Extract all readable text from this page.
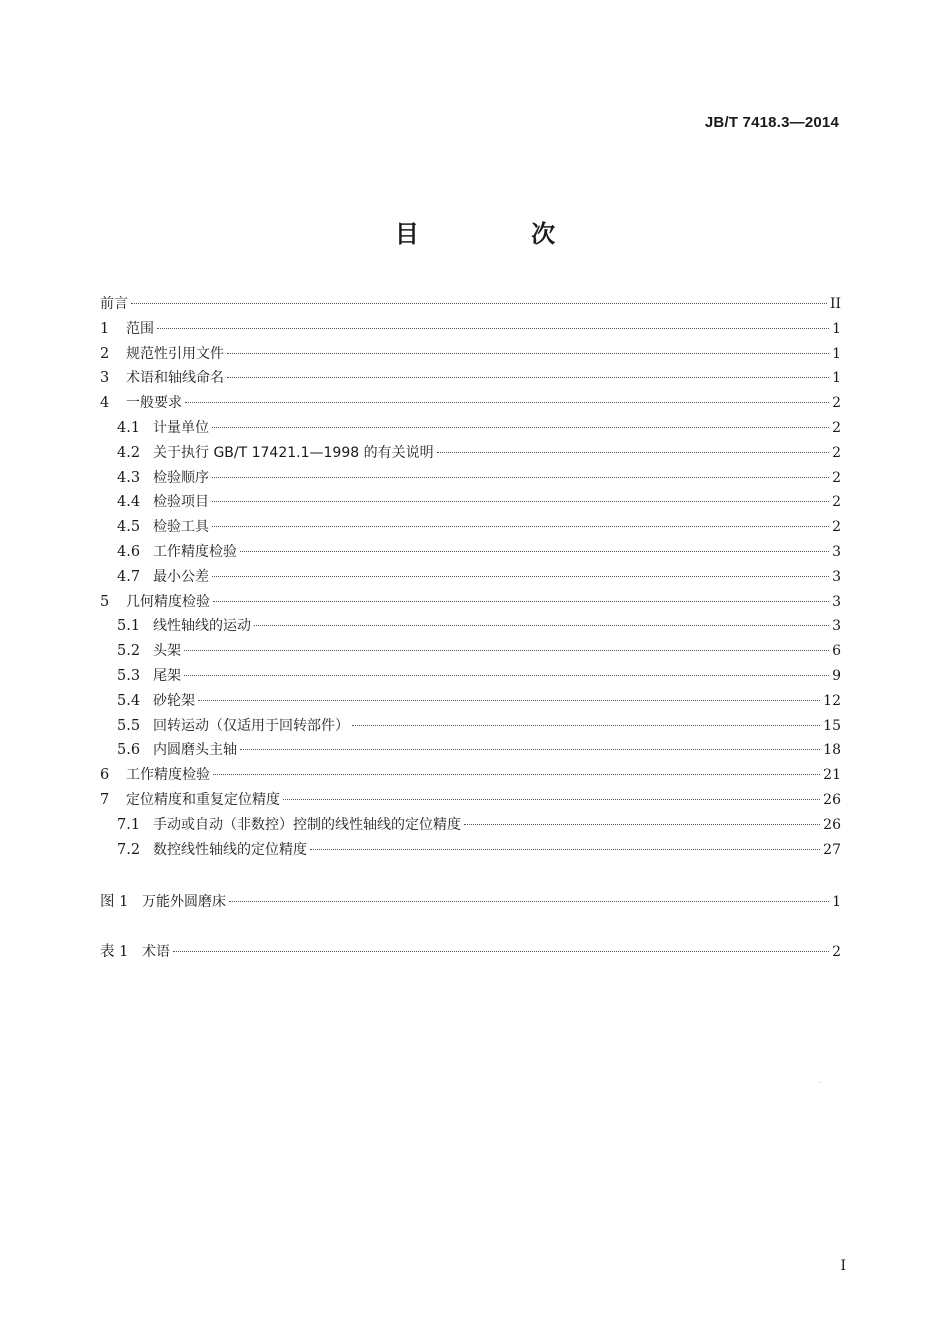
JB/T 7418.3—2014
目 次
前言	II
1	范围	1
2	规范性引用文件	1
3	术语和轴线命名	1
4	一般要求	2
4.1 计量单位	2
4.2 关于执行 GB/T 17421.1—1998 的有关说明	2
4.3 检验顺序	2
4.4 检验项目	2
4.5 检验工具	2
4.6 工作精度检验	3
4.7 最小公差	3
5	几何精度检验	3
5.1 线性轴线的运动	3
5.2 头架	6
5.3 尾架	9
5.4 砂轮架	12
5.5 回转运动（仅适用于回转部件）	15
5.6 内圆磨头主轴	18
6	工作精度检验	21
7	定位精度和重复定位精度	26
7.1 手动或自动（非数控）控制的线性轴线的定位精度	26
7.2 数控线性轴线的定位精度	27
图 1 万能外圆磨床	1
表 1 术语	2
I
